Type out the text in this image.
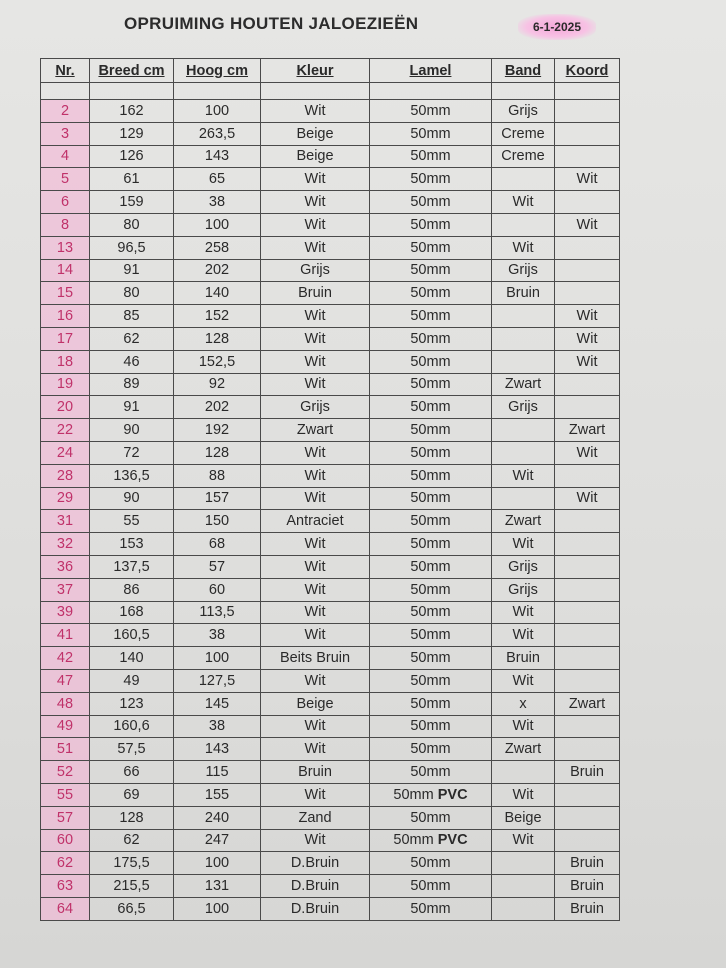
OPRUIMING HOUTEN JALOEZIEËN	6-1-2025
Nr.	Breed cm	Hoog cm	Kleur	Lamel	Band	Koord

2	162	100	Wit	50mm	Grijs	
3	129	263,5	Beige	50mm	Creme	
4	126	143	Beige	50mm	Creme	
5	61	65	Wit	50mm		Wit
6	159	38	Wit	50mm	Wit	
8	80	100	Wit	50mm		Wit
13	96,5	258	Wit	50mm	Wit	
14	91	202	Grijs	50mm	Grijs	
15	80	140	Bruin	50mm	Bruin	
16	85	152	Wit	50mm		Wit
17	62	128	Wit	50mm		Wit
18	46	152,5	Wit	50mm		Wit
19	89	92	Wit	50mm	Zwart	
20	91	202	Grijs	50mm	Grijs	
22	90	192	Zwart	50mm		Zwart
24	72	128	Wit	50mm		Wit
28	136,5	88	Wit	50mm	Wit	
29	90	157	Wit	50mm		Wit
31	55	150	Antraciet	50mm	Zwart	
32	153	68	Wit	50mm	Wit	
36	137,5	57	Wit	50mm	Grijs	
37	86	60	Wit	50mm	Grijs	
39	168	113,5	Wit	50mm	Wit	
41	160,5	38	Wit	50mm	Wit	
42	140	100	Beits Bruin	50mm	Bruin	
47	49	127,5	Wit	50mm	Wit	
48	123	145	Beige	50mm	x	Zwart
49	160,6	38	Wit	50mm	Wit	
51	57,5	143	Wit	50mm	Zwart	
52	66	115	Bruin	50mm		Bruin
55	69	155	Wit	50mm PVC	Wit	
57	128	240	Zand	50mm	Beige	
60	62	247	Wit	50mm PVC	Wit	
62	175,5	100	D.Bruin	50mm		Bruin
63	215,5	131	D.Bruin	50mm		Bruin
64	66,5	100	D.Bruin	50mm		Bruin
